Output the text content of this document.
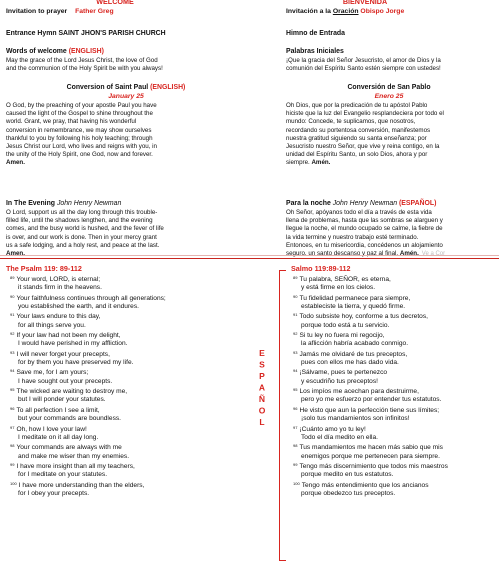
WELCOME
Invitation to prayer Father Greg
Entrance Hymn SAINT JHON'S PARISH CHURCH
Words of welcome (ENGLISH)
May the grace of the Lord Jesus Christ, the love of God
and the communion of the Holy Spirit be with you always!
Conversion of Saint Paul (ENGLISH)
January 25
O God, by the preaching of your apostle Paul you have
caused the light of the Gospel to shine throughout the
world. Grant, we pray, that having his wonderful
conversion in remembrance, we may show ourselves
thankful to you by following his holy teaching; through
Jesus Christ our Lord, who lives and reigns with you, in
the unity of the Holy Spirit, one God, now and forever.
Amen.
In The Evening John Henry Newman
O Lord, support us all the day long through this trouble-
filled life, until the shadows lengthen, and the evening
comes, and the busy world is hushed, and the fever of life
is over, and our work is done. Then in your mercy grant
us a safe lodging, and a holy rest, and peace at the last.
Amen.
BIENVENIDA
Invitación a la Oración Obispo Jorge
Himno de Entrada
Palabras Iniciales
¡Que la gracia del Señor Jesucristo, el amor de Dios y la
comunión del Espíritu Santo estén siempre con ustedes!
Conversión de San Pablo
Enero 25
Oh Dios, que por la predicación de tu apóstol Pablo
hiciste que la luz del Evangelio resplandeciera por todo el
mundo: Concede, te suplicamos, que nosotros,
recordando su portentosa conversión, manifestemos
nuestra gratitud siguiendo su santa enseñanza; por
Jesucristo nuestro Señor, que vive y reina contigo, en la
unidad del Espíritu Santo, un solo Dios, ahora y por
siempre. Amén.
Para la noche John Henry Newman (ESPAÑOL)
Oh Señor, apóyanos todo el día a través de esta vida
llena de problemas, hasta que las sombras se alarguen y
llegue la noche, el mundo ocupado se calme, la fiebre de
la vida termine y nuestro trabajo esté terminado.
Entonces, en tu misericordia, concédenos un alojamiento
seguro, un santo descanso y paz al final. Amén. Ve a Cor
The Psalm 119: 89-112
$^{89}$ Your word, LORD, is eternal;
it stands firm in the heavens.
$^{90}$ Your faithfulness continues through all generations;
you established the earth, and it endures.
$^{91}$ Your laws endure to this day,
for all things serve you.
$^{92}$ If your law had not been my delight,
I would have perished in my affliction.
$^{93}$ I will never forget your precepts,
for by them you have preserved my life.
$^{94}$ Save me, for I am yours;
I have sought out your precepts.
$^{95}$ The wicked are waiting to destroy me,
but I will ponder your statutes.
$^{96}$ To all perfection I see a limit,
but your commands are boundless.
$^{97}$ Oh, how I love your law!
I meditate on it all day long.
$^{98}$ Your commands are always with me
and make me wiser than my enemies.
$^{99}$ I have more insight than all my teachers,
for I meditate on your statutes.
$^{100}$ I have more understanding than the elders,
for I obey your precepts.
ESPAÑOL
Salmo 119:89-112
$^{89}$ Tu palabra, SEÑOR, es eterna,
y está firme en los cielos.
$^{90}$ Tu fidelidad permanece para siempre,
estableciste la tierra, y quedó firme.
$^{91}$ Todo subsiste hoy, conforme a tus decretos,
porque todo está a tu servicio.
$^{92}$ Si tu ley no fuera mi regocijo,
la aflicción habría acabado conmigo.
$^{93}$ Jamás me olvidaré de tus preceptos,
pues con ellos me has dado vida.
$^{94}$ ¡Sálvame, pues te pertenezco
y escudriño tus preceptos!
$^{95}$ Los impíos me acechan para destruirme,
pero yo me esfuerzo por entender tus estatutos.
$^{96}$ He visto que aun la perfección tiene sus límites;
¡solo tus mandamientos son infinitos!
$^{97}$ ¡Cuánto amo yo tu ley!
Todo el día medito en ella.
$^{98}$ Tus mandamientos me hacen más sabio que mis
enemigos porque me pertenecen para siempre.
$^{99}$ Tengo más discernimiento que todos mis maestros
porque medito en tus estatutos.
$^{100}$ Tengo más entendimiento que los ancianos
porque obedezco tus preceptos.
